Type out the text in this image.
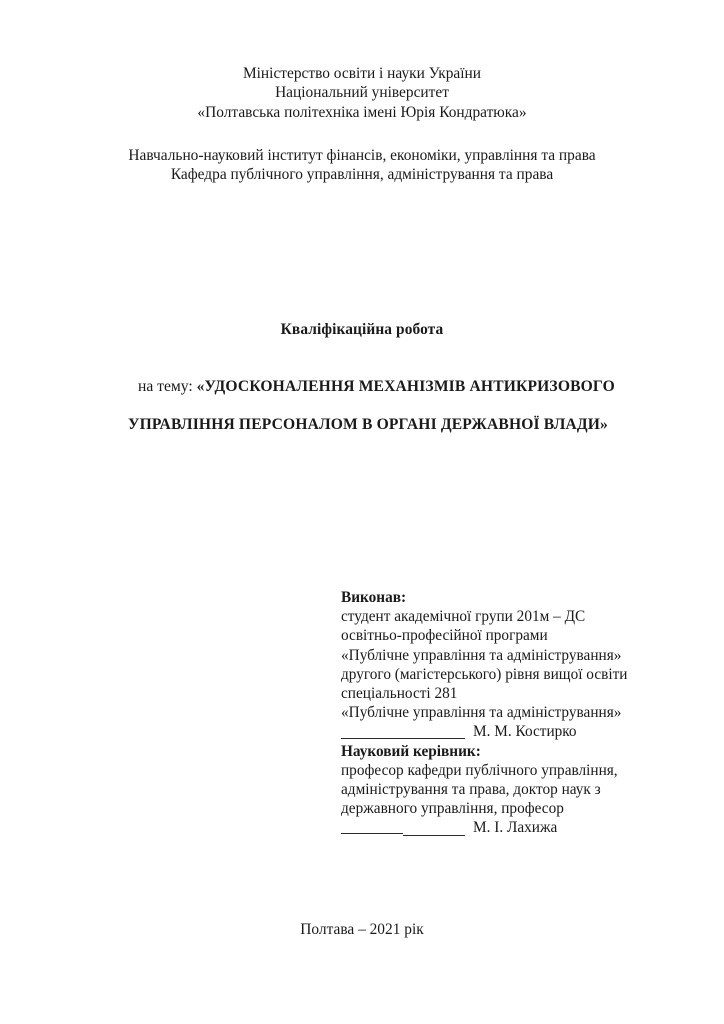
Міністерство освіти і науки України
Національний університет
«Полтавська політехніка імені Юрія Кондратюка»
Навчально-науковий інститут фінансів, економіки, управління та права
Кафедра публічного управління, адміністрування та права
Кваліфікаційна робота
на тему: «УДОСКОНАЛЕННЯ МЕХАНІЗМІВ АНТИКРИЗОВОГО
УПРАВЛІННЯ ПЕРСОНАЛОМ В ОРГАНІ ДЕРЖАВНОЇ ВЛАДИ»
Виконав:
студент академічної групи 201м – ДС
освітньо-професійної програми
«Публічне управління та адміністрування»
другого (магістерського) рівня вищої освіти
спеціальності 281
«Публічне управління та адміністрування»
М. М. Костирко
Науковий керівник:
професор кафедри публічного управління,
адміністрування та права, доктор наук з
державного управління, професор
М. І. Лахижа
Полтава – 2021 рік
